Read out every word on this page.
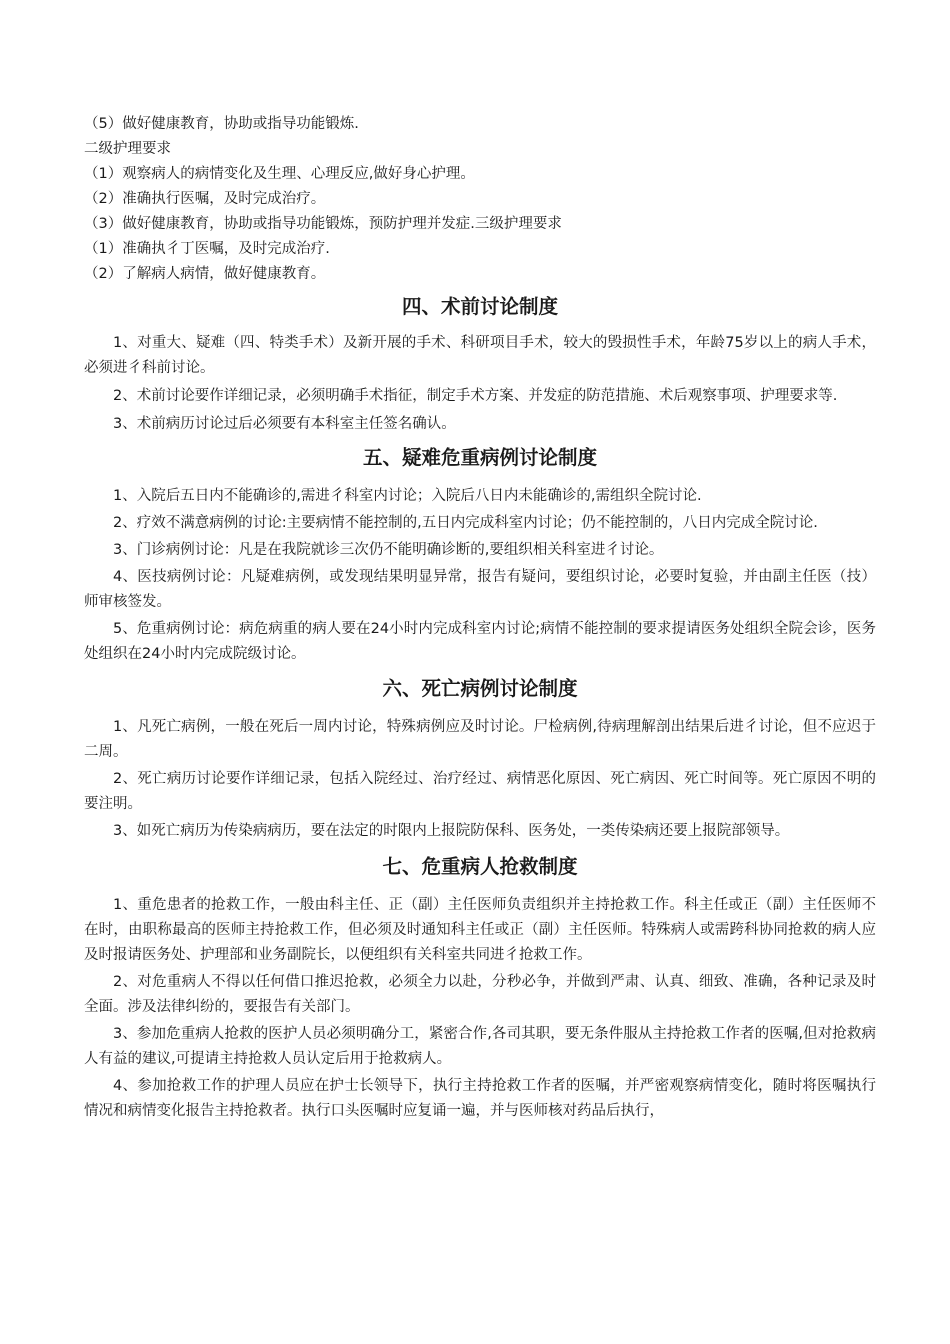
（5）做好健康教育，协助或指导功能锻炼.

二级护理要求

（1）观察病人的病情变化及生理、心理反应,做好身心护理。

（2）准确执行医嘱，及时完成治疗。

（3）做好健康教育，协助或指导功能锻炼，预防护理并发症.三级护理要求

（1）准确执彳丁医嘱，及时完成治疗.

（2）了解病人病情，做好健康教育。

四、术前讨论制度

1、对重大、疑难（四、特类手术）及新开展的手术、科研项目手术，较大的毁损性手术，年龄75岁以上的病人手术，必须进彳科前讨论。

2、术前讨论要作详细记录，必须明确手术指征，制定手术方案、并发症的防范措施、术后观察事项、护理要求等.

3、术前病历讨论过后必须要有本科室主任签名确认。

五、疑难危重病例讨论制度

1、入院后五日内不能确诊的,需进彳科室内讨论；入院后八日内未能确诊的,需组织全院讨论.

2、疗效不满意病例的讨论:主要病情不能控制的,五日内完成科室内讨论；仍不能控制的，八日内完成全院讨论.

3、门诊病例讨论：凡是在我院就诊三次仍不能明确诊断的,要组织相关科室进彳讨论。

4、医技病例讨论：凡疑难病例，或发现结果明显异常，报告有疑问，要组织讨论，必要时复验，并由副主任医（技）师审核签发。

5、危重病例讨论：病危病重的病人要在24小时内完成科室内讨论;病情不能控制的要求提请医务处组织全院会诊，医务处组织在24小时内完成院级讨论。

六、死亡病例讨论制度

1、凡死亡病例，一般在死后一周内讨论，特殊病例应及时讨论。尸检病例,待病理解剖出结果后进彳讨论，但不应迟于二周。

2、死亡病历讨论要作详细记录，包括入院经过、治疗经过、病情恶化原因、死亡病因、死亡时间等。死亡原因不明的要注明。

3、如死亡病历为传染病病历，要在法定的时限内上报院防保科、医务处，一类传染病还要上报院部领导。

七、危重病人抢救制度

1、重危患者的抢救工作，一般由科主任、正（副）主任医师负责组织并主持抢救工作。科主任或正（副）主任医师不在时，由职称最高的医师主持抢救工作，但必须及时通知科主任或正（副）主任医师。特殊病人或需跨科协同抢救的病人应及时报请医务处、护理部和业务副院长，以便组织有关科室共同进彳抢救工作。

2、对危重病人不得以任何借口推迟抢救，必须全力以赴，分秒必争，并做到严肃、认真、细致、准确，各种记录及时全面。涉及法律纠纷的，要报告有关部门。

3、参加危重病人抢救的医护人员必须明确分工，紧密合作,各司其职，要无条件服从主持抢救工作者的医嘱,但对抢救病人有益的建议,可提请主持抢救人员认定后用于抢救病人。

4、参加抢救工作的护理人员应在护士长领导下，执行主持抢救工作者的医嘱，并严密观察病情变化，随时将医嘱执行情况和病情变化报告主持抢救者。执行口头医嘱时应复诵一遍，并与医师核对药品后执行，
